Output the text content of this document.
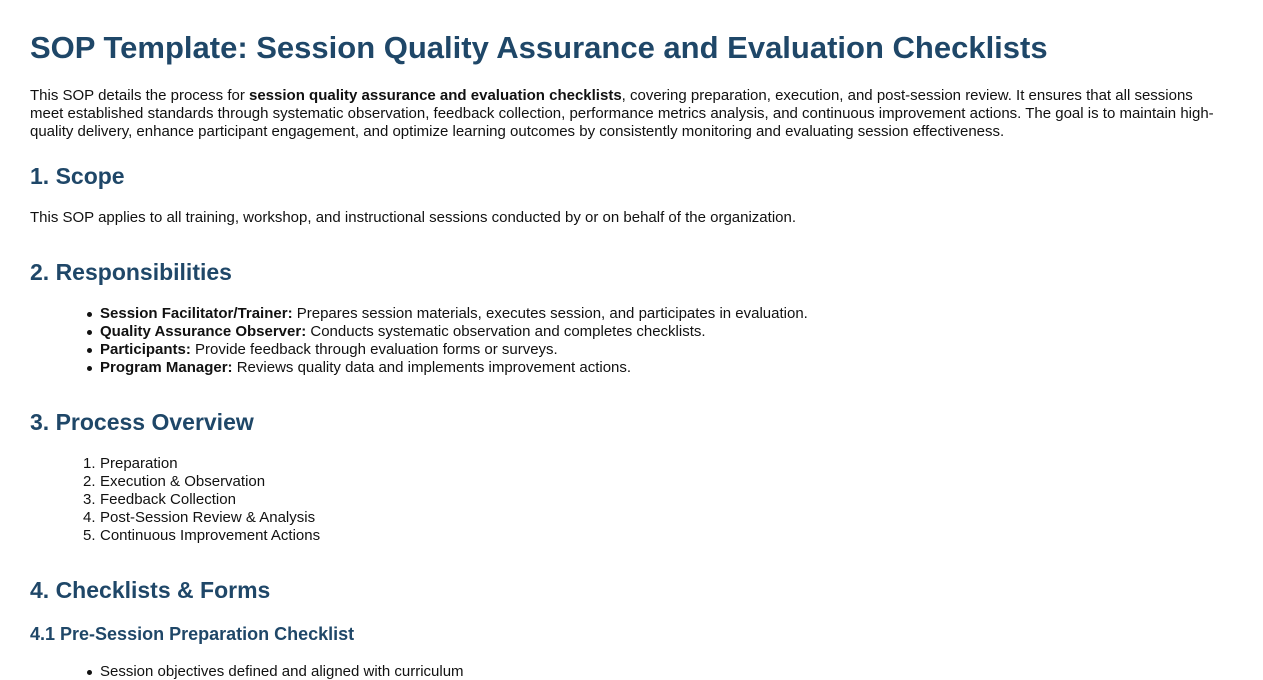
SOP Template: Session Quality Assurance and Evaluation Checklists

This SOP details the process for session quality assurance and evaluation checklists, covering preparation, execution, and post-session review. It ensures that all sessions meet established standards through systematic observation, feedback collection, performance metrics analysis, and continuous improvement actions. The goal is to maintain high-quality delivery, enhance participant engagement, and optimize learning outcomes by consistently monitoring and evaluating session effectiveness.

1. Scope

This SOP applies to all training, workshop, and instructional sessions conducted by or on behalf of the organization.

2. Responsibilities
Session Facilitator/Trainer: Prepares session materials, executes session, and participates in evaluation.
Quality Assurance Observer: Conducts systematic observation and completes checklists.
Participants: Provide feedback through evaluation forms or surveys.
Program Manager: Reviews quality data and implements improvement actions.
3. Process Overview
1. Preparation
2. Execution & Observation
3. Feedback Collection
4. Post-Session Review & Analysis
5. Continuous Improvement Actions
4. Checklists & Forms
4.1 Pre-Session Preparation Checklist
Session objectives defined and aligned with curriculum
